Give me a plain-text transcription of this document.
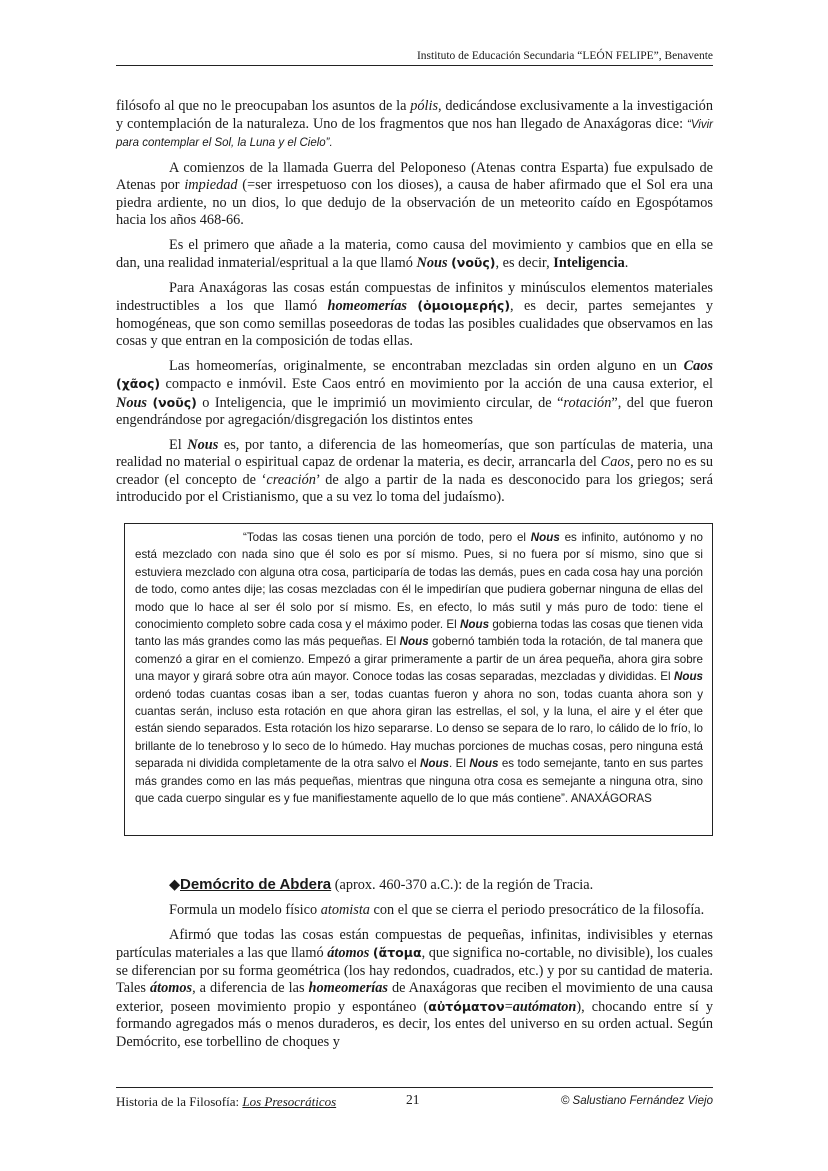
Instituto de Educación Secundaria “LEÓN FELIPE”, Benavente

filósofo al que no le preocupaban los asuntos de la pólis, dedicándose exclusivamente a la investigación y contemplación de la naturaleza. Uno de los fragmentos que nos han llegado de Anaxágoras dice: “Vivir para contemplar el Sol, la Luna y el Cielo”.

A comienzos de la llamada Guerra del Peloponeso (Atenas contra Esparta) fue expulsado de Atenas por impiedad (=ser irrespetuoso con los dioses), a causa de haber afirmado que el Sol era una piedra ardiente, no un dios, lo que dedujo de la observación de un meteorito caído en Egospótamos hacia los años 468-66.

Es el primero que añade a la materia, como causa del movimiento y cambios que en ella se dan, una realidad inmaterial/espritual a la que llamó Nous (νοῦς), es decir, Inteligencia.

Para Anaxágoras las cosas están compuestas de infinitos y minúsculos elementos materiales indestructibles a los que llamó homeomerías (ὁμοιομερής), es decir, partes semejantes y homogéneas, que son como semillas poseedoras de todas las posibles cualidades que observamos en las cosas y que entran en la composición de todas ellas.

Las homeomerías, originalmente, se encontraban mezcladas sin orden alguno en un Caos (χᾶος) compacto e inmóvil. Este Caos entró en movimiento por la acción de una causa exterior, el Nous (νοῦς) o Inteligencia, que le imprimió un movimiento circular, de “rotación”, del que fueron engendrándose por agregación/disgregación los distintos entes

El Nous es, por tanto, a diferencia de las homeomerías, que son partículas de materia, una realidad no material o espiritual capaz de ordenar la materia, es decir, arrancarla del Caos, pero no es su creador (el concepto de ‘creación’ de algo a partir de la nada es desconocido para los griegos; será introducido por el Cristianismo, que a su vez lo toma del judaísmo).

“Todas las cosas tienen una porción de todo, pero el Nous es infinito, autónomo y no está mezclado con nada sino que él solo es por sí mismo. Pues, si no fuera por sí mismo, sino que si estuviera mezclado con alguna otra cosa, participaría de todas las demás, pues en cada cosa hay una porción de todo, como antes dije; las cosas mezcladas con él le impedirían que pudiera gobernar ninguna de ellas del modo que lo hace al ser él solo por sí mismo. Es, en efecto, lo más sutil y más puro de todo: tiene el conocimiento completo sobre cada cosa y el máximo poder. El Nous gobierna todas las cosas que tienen vida tanto las más grandes como las más pequeñas. El Nous gobernó también toda la rotación, de tal manera que comenzó a girar en el comienzo. Empezó a girar primeramente a partir de un área pequeña, ahora gira sobre una mayor y girará sobre otra aún mayor. Conoce todas las cosas separadas, mezcladas y divididas. El Nous ordenó todas cuantas cosas iban a ser, todas cuantas fueron y ahora no son, todas cuanta ahora son y cuantas serán, incluso esta rotación en que ahora giran las estrellas, el sol, y la luna, el aire y el éter que están siendo separados. Esta rotación los hizo separarse. Lo denso se separa de lo raro, lo cálido de lo frío, lo brillante de lo tenebroso y lo seco de lo húmedo. Hay muchas porciones de muchas cosas, pero ninguna está separada ni dividida completamente de la otra salvo el Nous. El Nous es todo semejante, tanto en sus partes más grandes como en las más pequeñas, mientras que ninguna otra cosa es semejante a ninguna otra, sino que cada cuerpo singular es y fue manifiestamente aquello de lo que más contiene”. ANAXÁGORAS
◆Demócrito de Abdera (aprox. 460-370 a.C.): de la región de Tracia.

Formula un modelo físico atomista con el que se cierra el periodo presocrático de la filosofía.

Afirmó que todas las cosas están compuestas de pequeñas, infinitas, indivisibles y eternas partículas materiales a las que llamó átomos (ἄτομα, que significa no-cortable, no divisible), los cuales se diferencian por su forma geométrica (los hay redondos, cuadrados, etc.) y por su cantidad de materia. Tales átomos, a diferencia de las homeomerías de Anaxágoras que reciben el movimiento de una causa exterior, poseen movimiento propio y espontáneo (αὐτόματον=autómaton), chocando entre sí y formando agregados más o menos duraderos, es decir, los entes del universo en su orden actual. Según Demócrito, ese torbellino de choques y

Historia de la Filosofía: Los Presocráticos	21	© Salustiano Fernández Viejo
